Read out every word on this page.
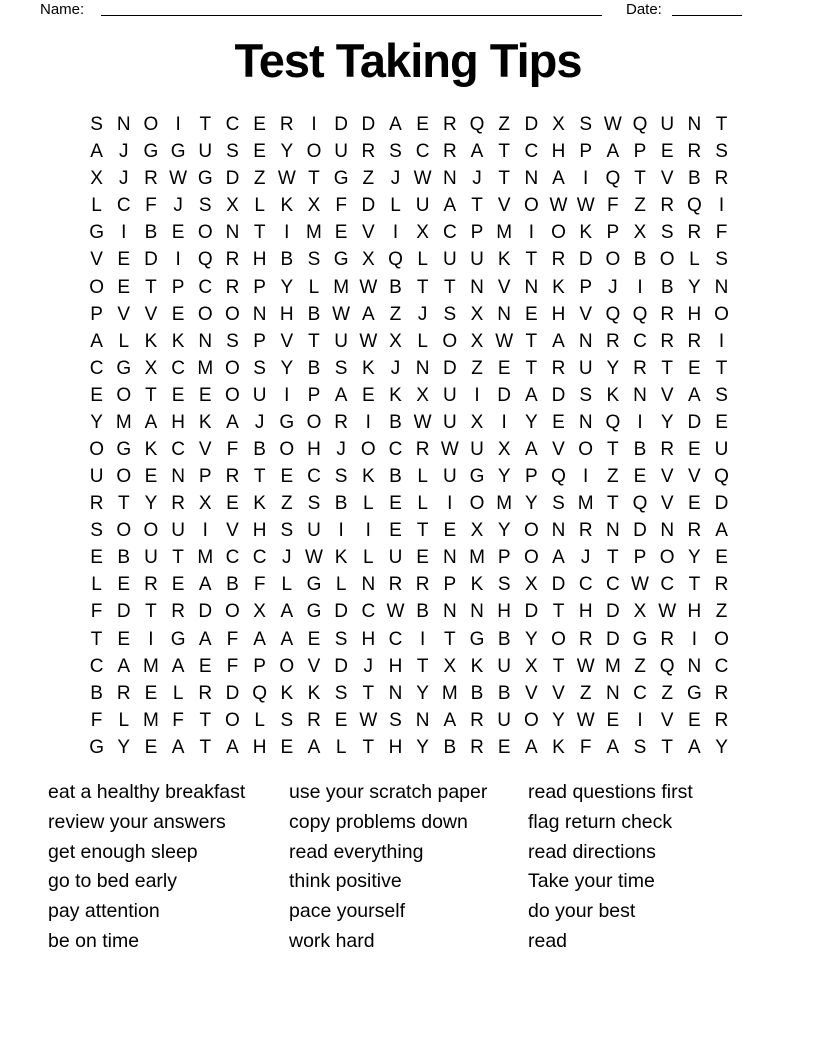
Name:	Date:
Test Taking Tips
S N O I T C E R I D D A E R Q Z D X S W Q U N T
A J G G U S E Y O U R S C R A T C H P A P E R S
X J R W G D Z W T G Z J W N J T N A I Q T V B R
L C F J S X L K X F D L U A T V O W W F Z R Q I
G I B E O N T I M E V I X C P M I O K P X S R F
V E D I Q R H B S G X Q L U U K T R D O B O L S
O E T P C R P Y L M W B T T N V N K P J	I B Y N
P V V E O O N H B W A Z J S X N E H V Q Q R H O
A L K K N S P V T U W X L O X W T A N R C R R I
C G X C M O S Y B S K J N D Z E T R U Y R T E T
E O T E E O U I P A E K X U I D A D S K N V A S
Y M A H K A J G O R I B W U X I Y E N Q I Y D E
O G K C V F B O H J O C R W U X A V O T B R E U
U O E N P R T E C S K B L U G Y P Q I Z E V V Q
R T Y R X E K Z S B L E L	I O M Y S M T Q V E D
S O O U I V H S U I	I E T E X Y O N R N D N R A
E B U T M C C J W K L U E N M P O A J T P O Y E
L E R E A B F L G L N R R P K S X D C C W C T R
F D T R D O X A G D C W B N N H D T H D X W H Z
T E I G A F A A E S H C I T G B Y O R D G R I O
C A M A E F P O V D J H T X K U X T W M Z Q N C
B R E L R D Q K K S T N Y M B B V V Z N C Z G R
F L M F T O L S R E W S N A R U O Y W E I V E R
G Y E A T A H E A L T H Y B R E A K F A S T A Y
eat a healthy breakfast
review your answers
get enough sleep
go to bed early
pay attention
be on time
use your scratch paper
copy problems down
read everything
think positive
pace yourself
work hard
read questions first
flag return check
read directions
Take your time
do your best
read
